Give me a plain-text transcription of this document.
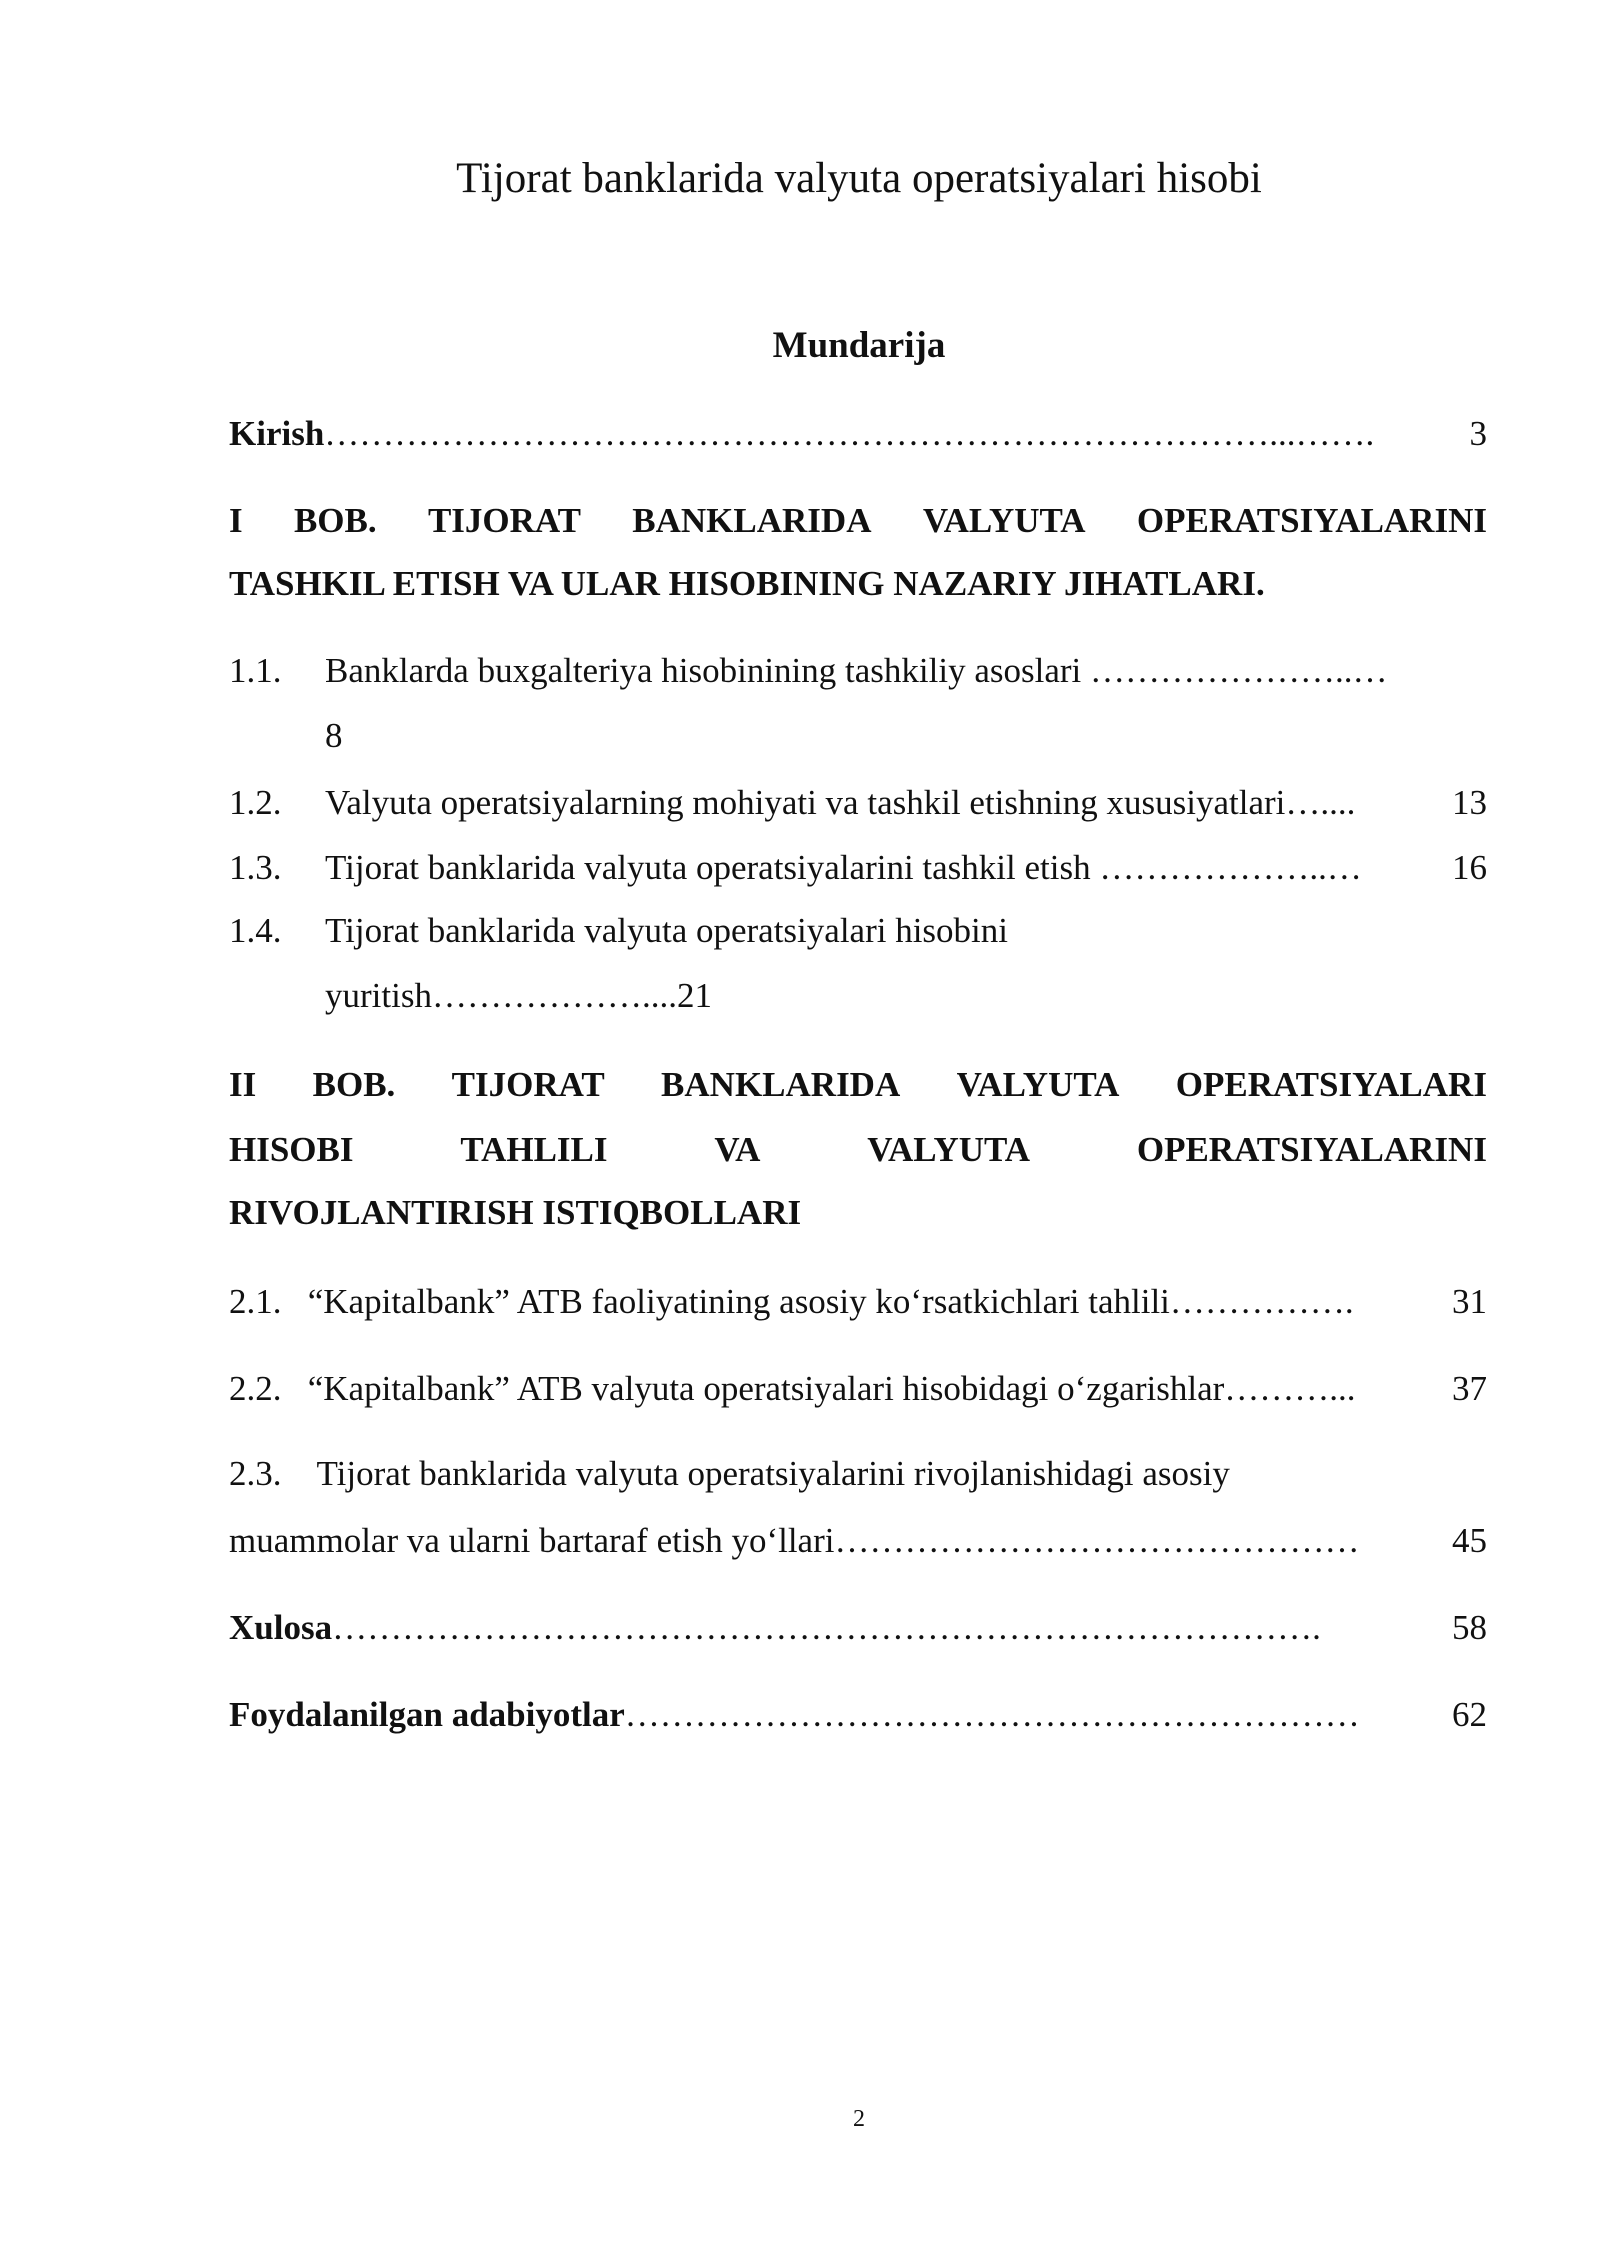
Tijorat banklarida valyuta operatsiyalari hisobi
Mundarija
Kirish ………………………………………………………………………...…….	3
I BOB. TIJORAT BANKLARIDA VALYUTA OPERATSIYALARINI
TASHKIL ETISH VA ULAR HISOBINING NAZARIY JIHATLARI.
1.1. Banklarda buxgalteriya hisobinining tashkiliy asoslari …………………..…
8
1.2. Valyuta operatsiyalarning mohiyati va tashkil etishning xususiyatlari …....	13
1.3. Tijorat banklarida valyuta operatsiyalarini tashkil etish ………………..…	16
1.4. Tijorat banklarida valyuta operatsiyalari hisobini
yuritish………………....21
II BOB. TIJORAT BANKLARIDA VALYUTA OPERATSIYALARI
HISOBI	TAHLILI	VA	VALYUTA	OPERATSIYALARINI
RIVOJLANTIRISH ISTIQBOLLARI
2.1. “Kapitalbank” ATB faoliyatining asosiy ko‘rsatkichlari tahlili …………….	31
2.2. “Kapitalbank” ATB valyuta operatsiyalari hisobidagi o‘zgarishlar ………...	37
2.3. Tijorat banklarida valyuta operatsiyalarini rivojlanishidagi asosiy
muammolar va ularni bartaraf etish yo‘llari ………………………………………	45
Xulosa ………………………………………………………………………….	58
Foydalanilgan adabiyotlar ………………………………………………………	62
2
